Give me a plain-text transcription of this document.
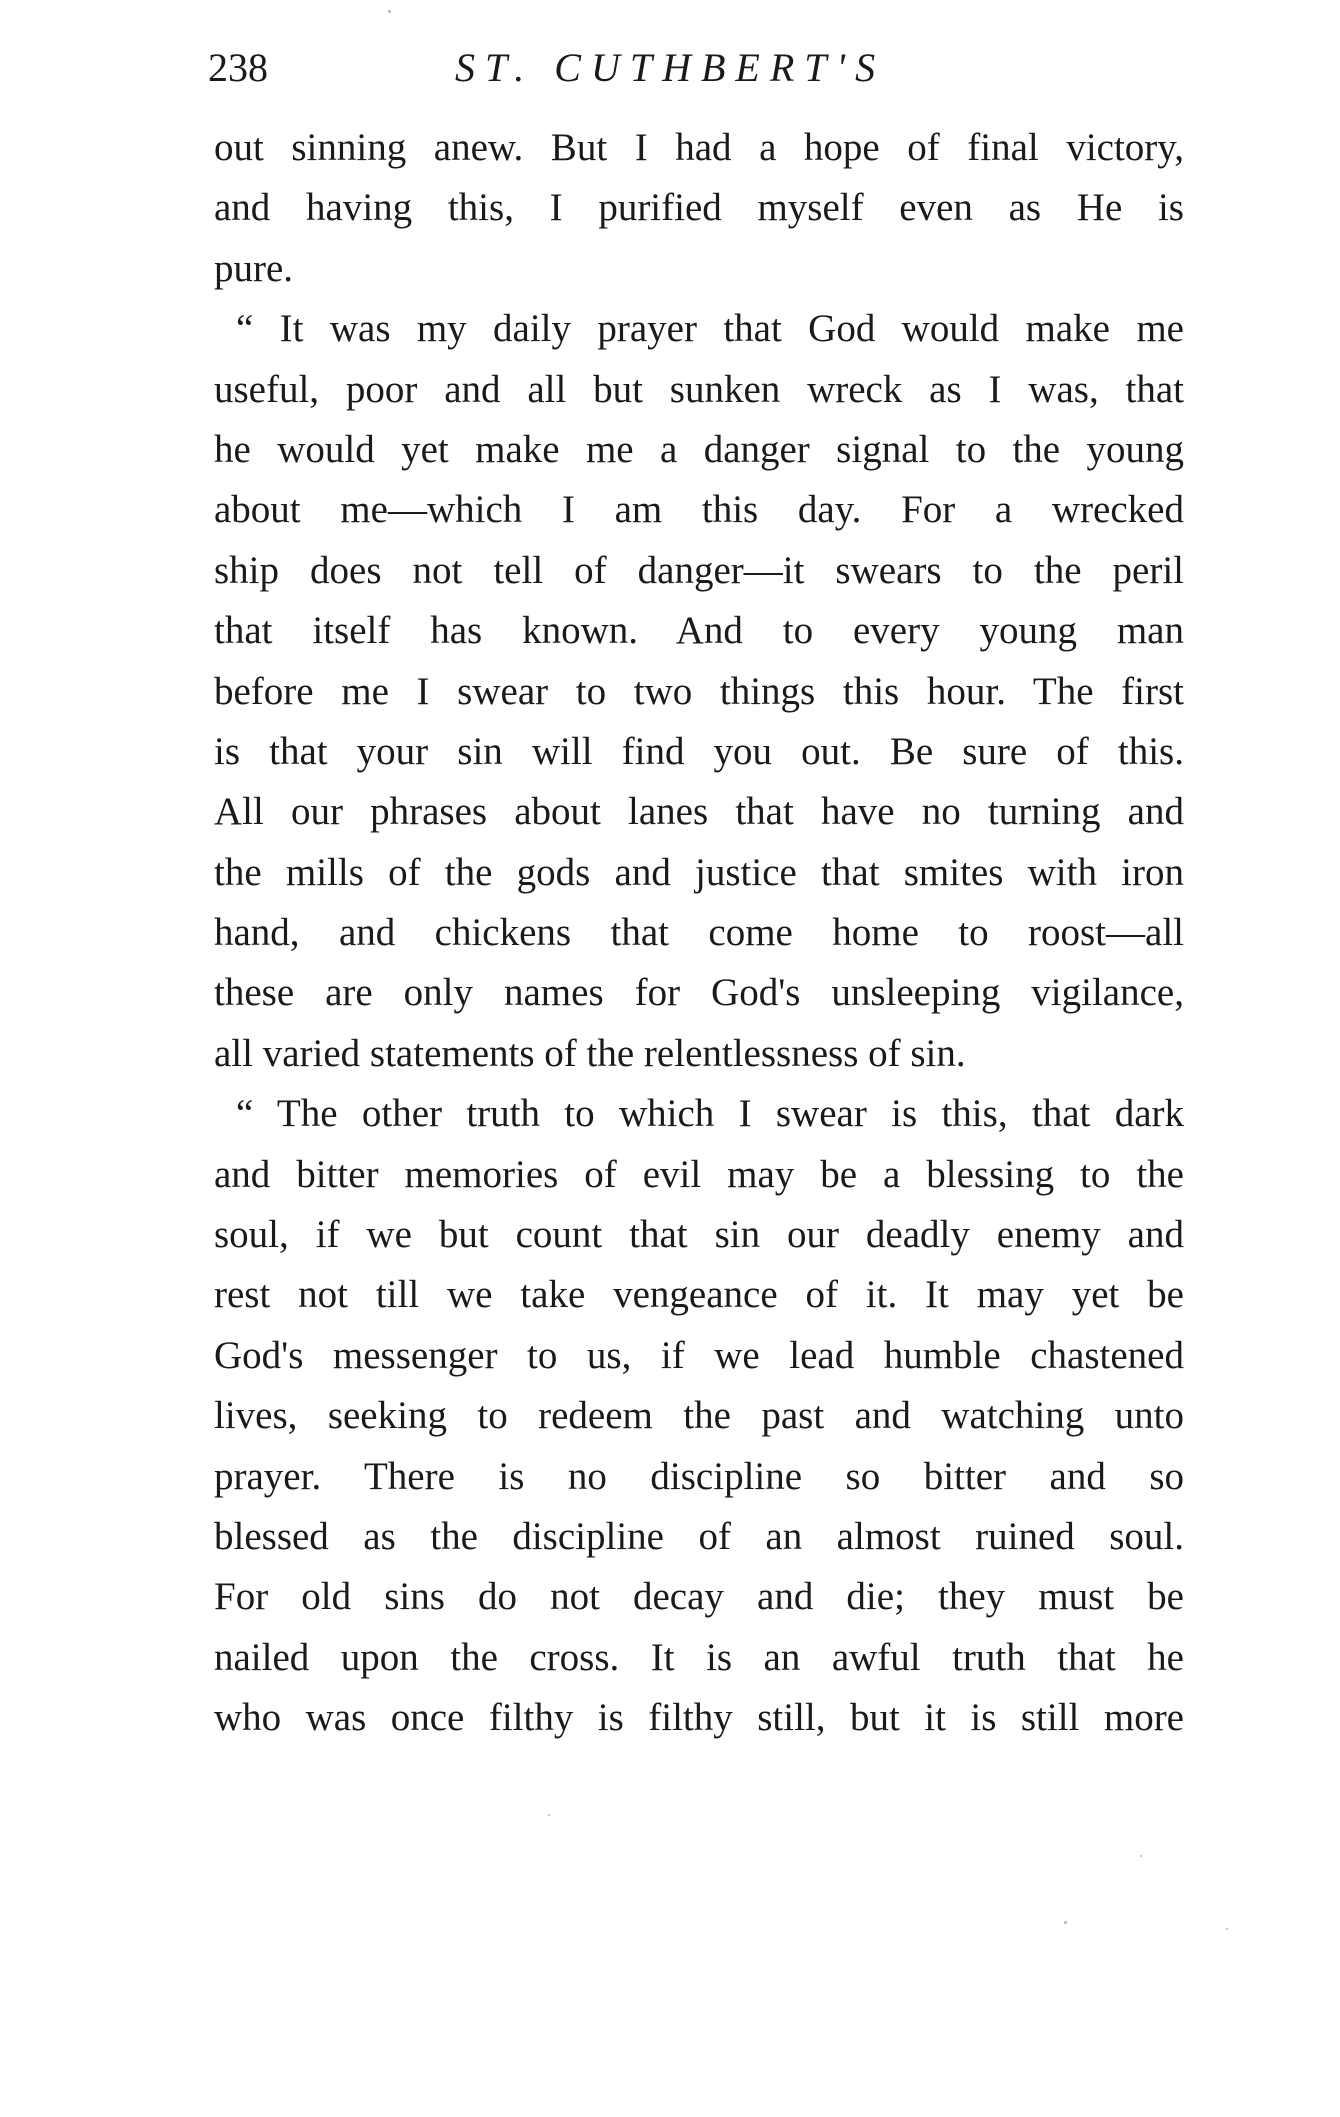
238	ST. CUTHBERT'S
out sinning anew. But I had a hope of final victory,
and having this, I purified myself even as He is
pure.
“ It was my daily prayer that God would make me
useful, poor and all but sunken wreck as I was, that
he would yet make me a danger signal to the young
about me—which I am this day. For a wrecked
ship does not tell of danger—it swears to the peril
that itself has known. And to every young man
before me I swear to two things this hour. The first
is that your sin will find you out. Be sure of this.
All our phrases about lanes that have no turning and
the mills of the gods and justice that smites with iron
hand, and chickens that come home to roost—all
these are only names for God's unsleeping vigilance,
all varied statements of the relentlessness of sin.
“ The other truth to which I swear is this, that dark
and bitter memories of evil may be a blessing to the
soul, if we but count that sin our deadly enemy and
rest not till we take vengeance of it. It may yet be
God's messenger to us, if we lead humble chastened
lives, seeking to redeem the past and watching unto
prayer. There is no discipline so bitter and so
blessed as the discipline of an almost ruined soul.
For old sins do not decay and die; they must be
nailed upon the cross. It is an awful truth that he
who was once filthy is filthy still, but it is still more
